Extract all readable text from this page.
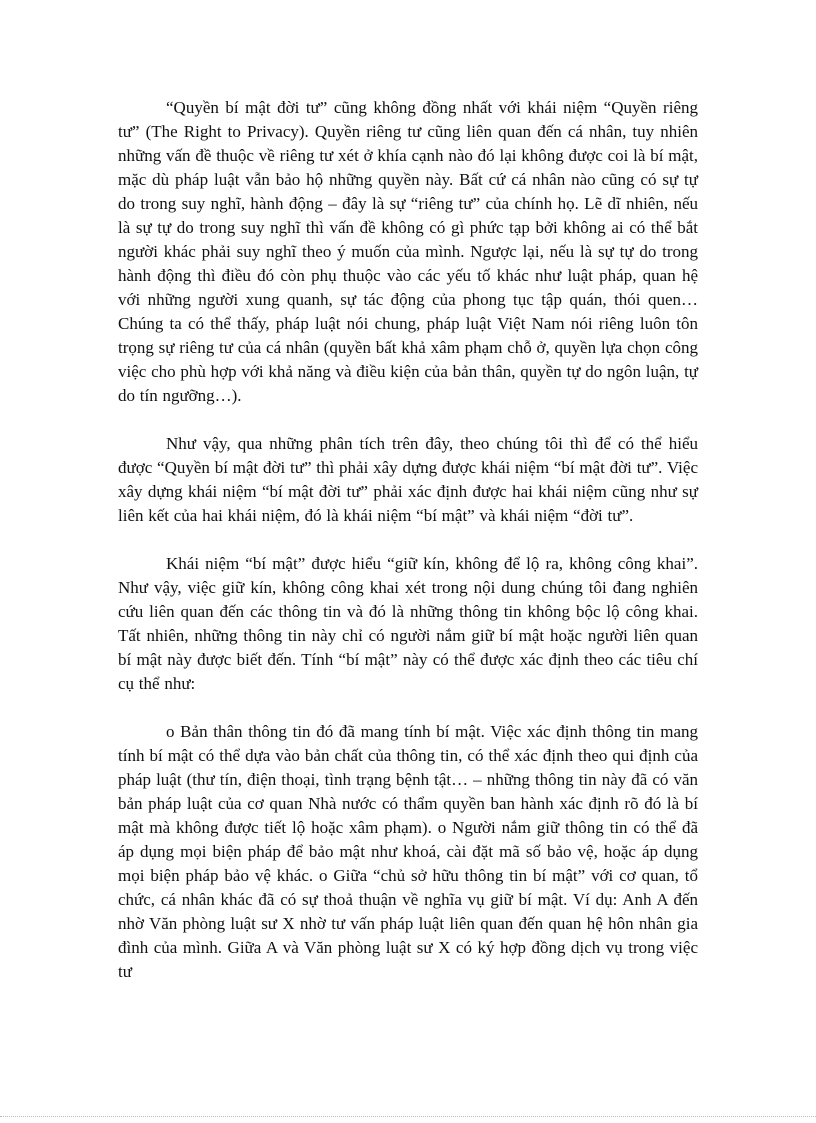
“Quyền bí mật đời tư” cũng không đồng nhất với khái niệm “Quyền riêng tư” (The Right to Privacy). Quyền riêng tư cũng liên quan đến cá nhân, tuy nhiên những vấn đề thuộc về riêng tư xét ở khía cạnh nào đó lại không được coi là bí mật, mặc dù pháp luật vẫn bảo hộ những quyền này. Bất cứ cá nhân nào cũng có sự tự do trong suy nghĩ, hành động – đây là sự “riêng tư” của chính họ. Lẽ dĩ nhiên, nếu là sự tự do trong suy nghĩ thì vấn đề không có gì phức tạp bởi không ai có thể bắt người khác phải suy nghĩ theo ý muốn của mình. Ngược lại, nếu là sự tự do trong hành động thì điều đó còn phụ thuộc vào các yếu tố khác như luật pháp, quan hệ với những người xung quanh, sự tác động của phong tục tập quán, thói quen…Chúng ta có thể thấy, pháp luật nói chung, pháp luật Việt Nam nói riêng luôn tôn trọng sự riêng tư của cá nhân (quyền bất khả xâm phạm chỗ ở, quyền lựa chọn công việc cho phù hợp với khả năng và điều kiện của bản thân, quyền tự do ngôn luận, tự do tín ngưỡng…).

Như vậy, qua những phân tích trên đây, theo chúng tôi thì để có thể hiểu được “Quyền bí mật đời tư” thì phải xây dựng được khái niệm “bí mật đời tư”. Việc xây dựng khái niệm “bí mật đời tư” phải xác định được hai khái niệm cũng như sự liên kết của hai khái niệm, đó là khái niệm “bí mật” và khái niệm “đời tư”.

Khái niệm “bí mật” được hiểu “giữ kín, không để lộ ra, không công khai”. Như vậy, việc giữ kín, không công khai xét trong nội dung chúng tôi đang nghiên cứu liên quan đến các thông tin và đó là những thông tin không bộc lộ công khai. Tất nhiên, những thông tin này chỉ có người nắm giữ bí mật hoặc người liên quan bí mật này được biết đến. Tính “bí mật” này có thể được xác định theo các tiêu chí cụ thể như:

o Bản thân thông tin đó đã mang tính bí mật. Việc xác định thông tin mang tính bí mật có thể dựa vào bản chất của thông tin, có thể xác định theo qui định của pháp luật (thư tín, điện thoại, tình trạng bệnh tật… – những thông tin này đã có văn bản pháp luật của cơ quan Nhà nước có thẩm quyền ban hành xác định rõ đó là bí mật mà không được tiết lộ hoặc xâm phạm). o Người nắm giữ thông tin có thể đã áp dụng mọi biện pháp để bảo mật như khoá, cài đặt mã số bảo vệ, hoặc áp dụng mọi biện pháp bảo vệ khác. o Giữa “chủ sở hữu thông tin bí mật” với cơ quan, tổ chức, cá nhân khác đã có sự thoả thuận về nghĩa vụ giữ bí mật. Ví dụ: Anh A đến nhờ Văn phòng luật sư X nhờ tư vấn pháp luật liên quan đến quan hệ hôn nhân gia đình của mình. Giữa A và Văn phòng luật sư X có ký hợp đồng dịch vụ trong việc tư
